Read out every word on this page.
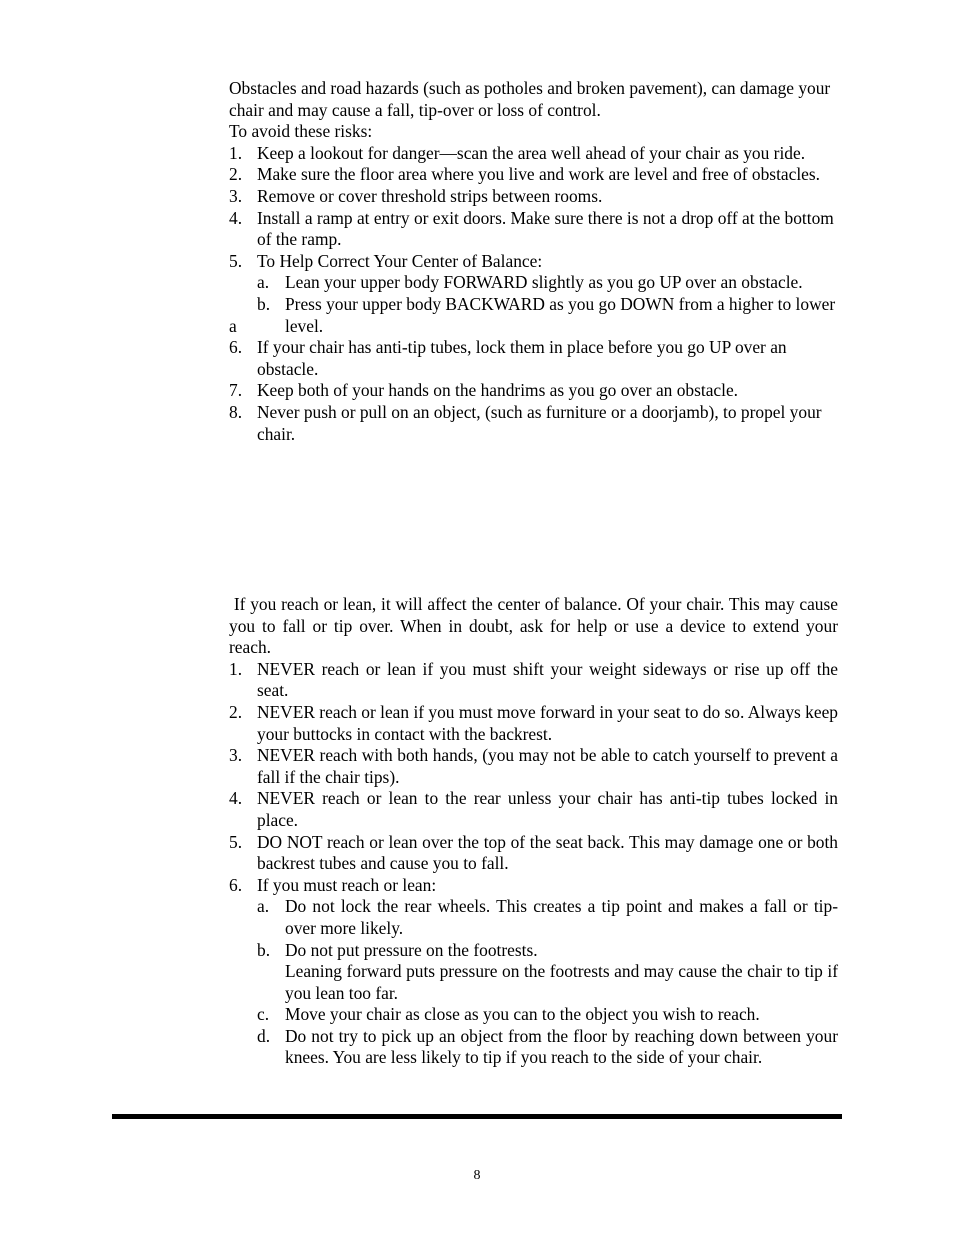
Obstacles and road hazards (such as potholes and broken pavement), can damage your chair and may cause a fall, tip-over or loss of control.

To avoid these risks:

1. Keep a lookout for danger—scan the area well ahead of your chair as you ride.
2. Make sure the floor area where you live and work are level and free of obstacles.
3. Remove or cover threshold strips between rooms.
4. Install a ramp at entry or exit doors. Make sure there is not a drop off at the bottom of the ramp.
5. To Help Correct Your Center of Balance:
a. Lean your upper body FORWARD slightly as you go UP over an obstacle.
b.
a
Press your upper body BACKWARD as you go DOWN from a higher to lower level.
6. If your chair has anti-tip tubes, lock them in place before you go UP over an obstacle.
7. Keep both of your hands on the handrims as you go over an obstacle.
8. Never push or pull on an object, (such as furniture or a doorjamb), to propel your chair.

If you reach or lean, it will affect the center of balance. Of your chair. This may cause you to fall or tip over. When in doubt, ask for help or use a device to extend your reach.

1. NEVER reach or lean if you must shift your weight sideways or rise up off the seat.
2. NEVER reach or lean if you must move forward in your seat to do so. Always keep your buttocks in contact with the backrest.
3. NEVER reach with both hands, (you may not be able to catch yourself to prevent a fall if the chair tips).
4. NEVER reach or lean to the rear unless your chair has anti-tip tubes locked in place.
5. DO NOT reach or lean over the top of the seat back. This may damage one or both backrest tubes and cause you to fall.
6. If you must reach or lean:
a. Do not lock the rear wheels. This creates a tip point and makes a fall or tip-over more likely.
b. Do not put pressure on the footrests.
Leaning forward puts pressure on the footrests and may cause the chair to tip if you lean too far.
c. Move your chair as close as you can to the object you wish to reach.
d. Do not try to pick up an object from the floor by reaching down between your knees. You are less likely to tip if you reach to the side of your chair.
8
